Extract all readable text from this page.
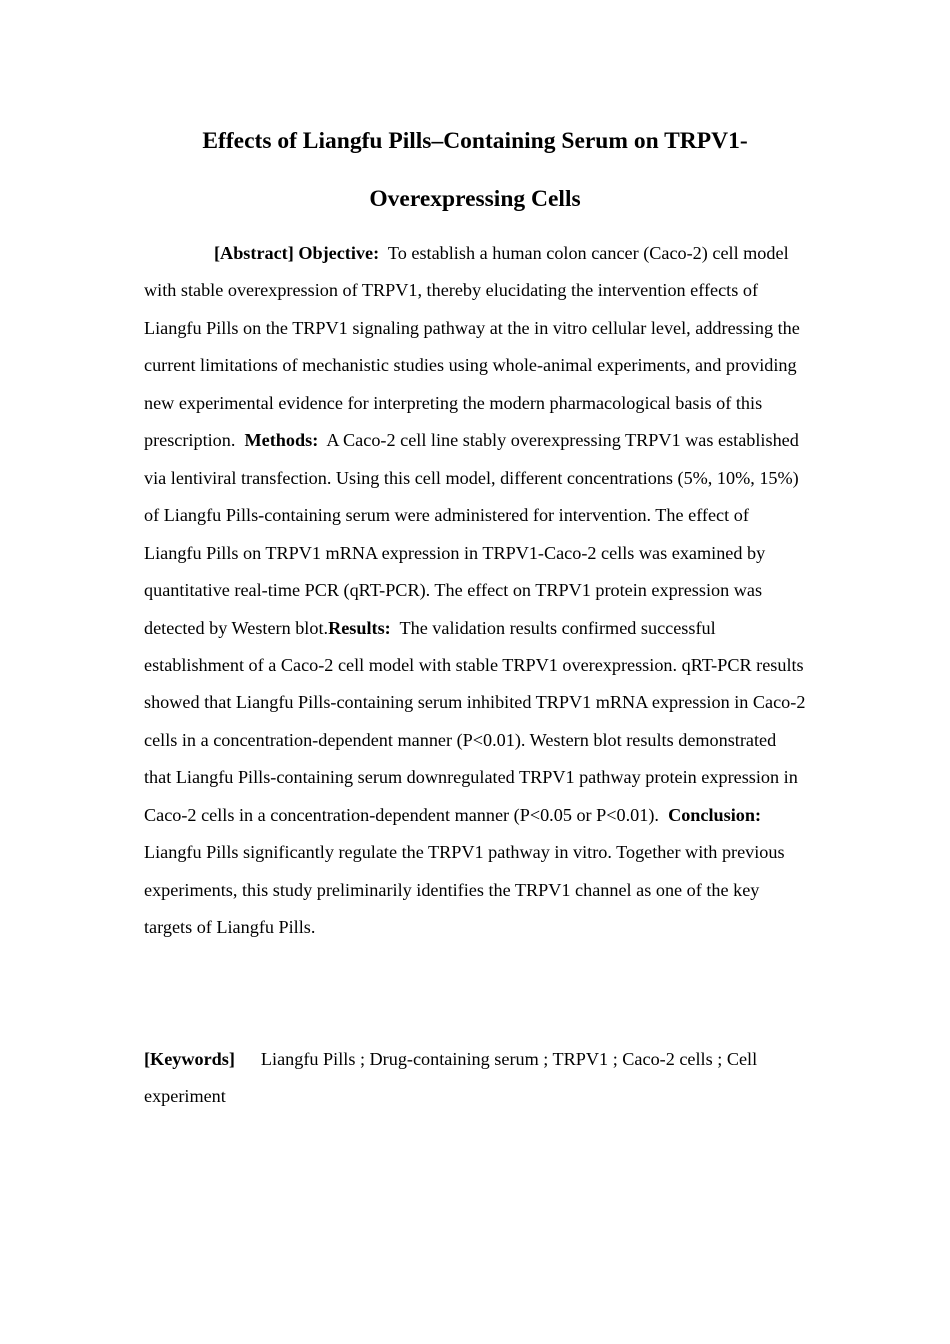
Effects of Liangfu Pills–Containing Serum on TRPV1-
Overexpressing Cells

[Abstract] Objective: To establish a human colon cancer (Caco-2) cell model with stable overexpression of TRPV1, thereby elucidating the intervention effects of Liangfu Pills on the TRPV1 signaling pathway at the in vitro cellular level, addressing the current limitations of mechanistic studies using whole-animal experiments, and providing new experimental evidence for interpreting the modern pharmacological basis of this prescription. Methods: A Caco-2 cell line stably overexpressing TRPV1 was established via lentiviral transfection. Using this cell model, different concentrations (5%, 10%, 15%) of Liangfu Pills-containing serum were administered for intervention. The effect of Liangfu Pills on TRPV1 mRNA expression in TRPV1-Caco-2 cells was examined by quantitative real-time PCR (qRT-PCR). The effect on TRPV1 protein expression was detected by Western blot.Results: The validation results confirmed successful establishment of a Caco-2 cell model with stable TRPV1 overexpression. qRT-PCR results showed that Liangfu Pills-containing serum inhibited TRPV1 mRNA expression in Caco-2 cells in a concentration-dependent manner (P<0.01). Western blot results demonstrated that Liangfu Pills-containing serum downregulated TRPV1 pathway protein expression in Caco-2 cells in a concentration-dependent manner (P<0.05 or P<0.01). Conclusion: Liangfu Pills significantly regulate the TRPV1 pathway in vitro. Together with previous experiments, this study preliminarily identifies the TRPV1 channel as one of the key targets of Liangfu Pills.

[Keywords] Liangfu Pills ; Drug-containing serum ; TRPV1 ; Caco-2 cells ; Cell experiment
